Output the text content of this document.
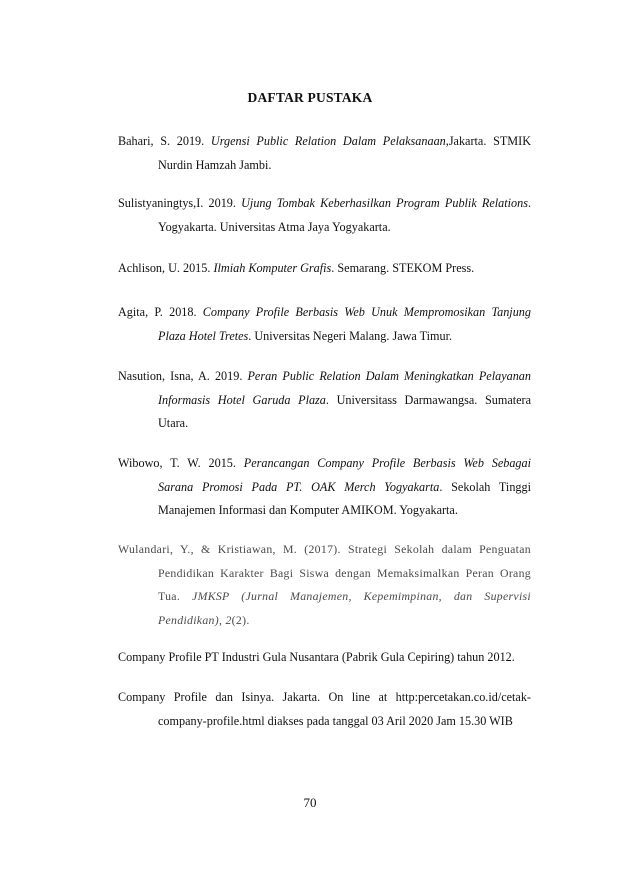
DAFTAR PUSTAKA
Bahari, S. 2019. Urgensi Public Relation Dalam Pelaksanaan,Jakarta. STMIK
Nurdin Hamzah Jambi.
Sulistyaningtys,I. 2019. Ujung Tombak Keberhasilkan Program Publik Relations.
Yogyakarta. Universitas Atma Jaya Yogyakarta.
Achlison, U. 2015. Ilmiah Komputer Grafis. Semarang. STEKOM Press.
Agita, P. 2018. Company Profile Berbasis Web Unuk Mempromosikan Tanjung
Plaza Hotel Tretes. Universitas Negeri Malang. Jawa Timur.
Nasution, Isna, A. 2019. Peran Public Relation Dalam Meningkatkan Pelayanan
Informasis Hotel Garuda Plaza. Universitass Darmawangsa. Sumatera
Utara.
Wibowo, T. W. 2015. Perancangan Company Profile Berbasis Web Sebagai
Sarana Promosi Pada PT. OAK Merch Yogyakarta. Sekolah Tinggi
Manajemen Informasi dan Komputer AMIKOM. Yogyakarta.
Wulandari, Y., & Kristiawan, M. (2017). Strategi Sekolah dalam Penguatan
Pendidikan Karakter Bagi Siswa dengan Memaksimalkan Peran Orang
Tua. JMKSP (Jurnal Manajemen, Kepemimpinan, dan Supervisi
Pendidikan), 2(2).
Company Profile PT Industri Gula Nusantara (Pabrik Gula Cepiring) tahun 2012.
Company Profile dan Isinya. Jakarta. On line at http:percetakan.co.id/cetak-
company-profile.html diakses pada tanggal 03 Aril 2020 Jam 15.30 WIB
70
